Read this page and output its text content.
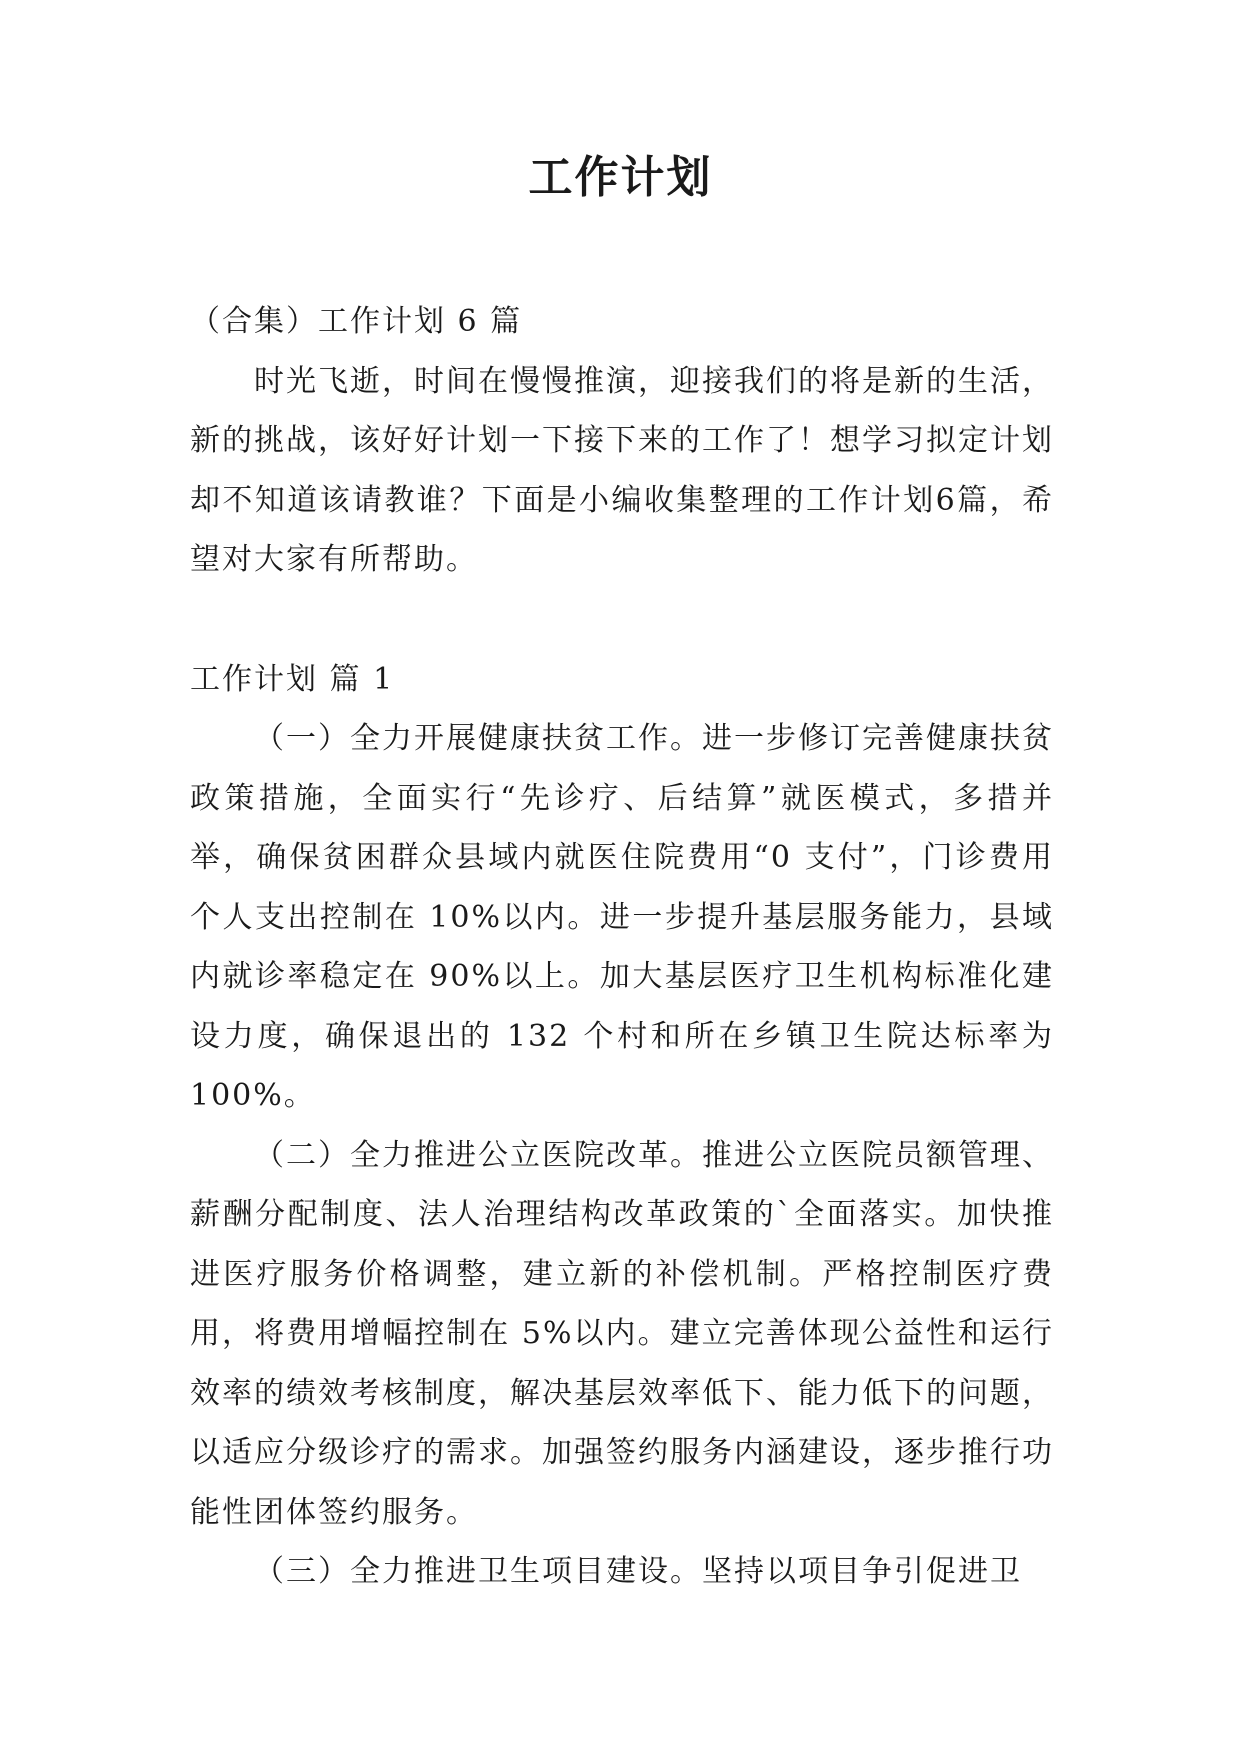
工作计划

（合集）工作计划 6 篇

时光飞逝，时间在慢慢推演，迎接我们的将是新的生活，新的挑战，该好好计划一下接下来的工作了！想学习拟定计划却不知道该请教谁？下面是小编收集整理的工作计划6篇，希望对大家有所帮助。

工作计划 篇 1

（一）全力开展健康扶贫工作。进一步修订完善健康扶贫政策措施，全面实行“先诊疗、后结算”就医模式，多措并举，确保贫困群众县域内就医住院费用“0 支付”，门诊费用个人支出控制在 10%以内。进一步提升基层服务能力，县域内就诊率稳定在 90%以上。加大基层医疗卫生机构标准化建设力度，确保退出的 132 个村和所在乡镇卫生院达标率为100%。

（二）全力推进公立医院改革。推进公立医院员额管理、薪酬分配制度、法人治理结构改革政策的`全面落实。加快推进医疗服务价格调整，建立新的补偿机制。严格控制医疗费用，将费用增幅控制在 5%以内。建立完善体现公益性和运行效率的绩效考核制度，解决基层效率低下、能力低下的问题，以适应分级诊疗的需求。加强签约服务内涵建设，逐步推行功能性团体签约服务。

（三）全力推进卫生项目建设。坚持以项目争引促进卫
